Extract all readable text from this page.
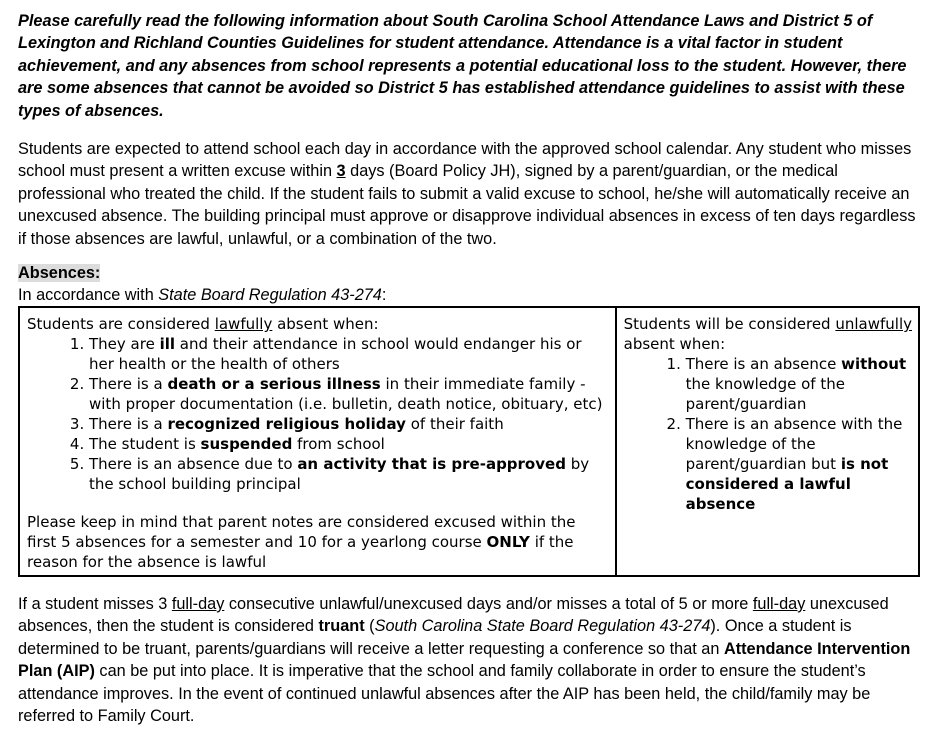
Please carefully read the following information about South Carolina School Attendance Laws and District 5 of Lexington and Richland Counties Guidelines for student attendance. Attendance is a vital factor in student achievement, and any absences from school represents a potential educational loss to the student. However, there are some absences that cannot be avoided so District 5 has established attendance guidelines to assist with these types of absences.

Students are expected to attend school each day in accordance with the approved school calendar. Any student who misses school must present a written excuse within 3 days (Board Policy JH), signed by a parent/guardian, or the medical professional who treated the child. If the student fails to submit a valid excuse to school, he/she will automatically receive an unexcused absence. The building principal must approve or disapprove individual absences in excess of ten days regardless if those absences are lawful, unlawful, or a combination of the two.

Absences:

In accordance with State Board Regulation 43-274:

Students are considered lawfully absent when:
1. They are ill and their attendance in school would endanger his or her health or the health of others
2. There is a death or a serious illness in their immediate family - with proper documentation (i.e. bulletin, death notice, obituary, etc)
3. There is a recognized religious holiday of their faith
4. The student is suspended from school
5. There is an absence due to an activity that is pre-approved by the school building principal
Please keep in mind that parent notes are considered excused within the first 5 absences for a semester and 10 for a yearlong course ONLY if the reason for the absence is lawful

Students will be considered unlawfully absent when:
1. There is an absence without the knowledge of the parent/guardian
2. There is an absence with the knowledge of the parent/guardian but is not considered a lawful absence

If a student misses 3 full-day consecutive unlawful/unexcused days and/or misses a total of 5 or more full-day unexcused absences, then the student is considered truant (South Carolina State Board Regulation 43-274). Once a student is determined to be truant, parents/guardians will receive a letter requesting a conference so that an Attendance Intervention Plan (AIP) can be put into place. It is imperative that the school and family collaborate in order to ensure the student’s attendance improves. In the event of continued unlawful absences after the AIP has been held, the child/family may be referred to Family Court.
